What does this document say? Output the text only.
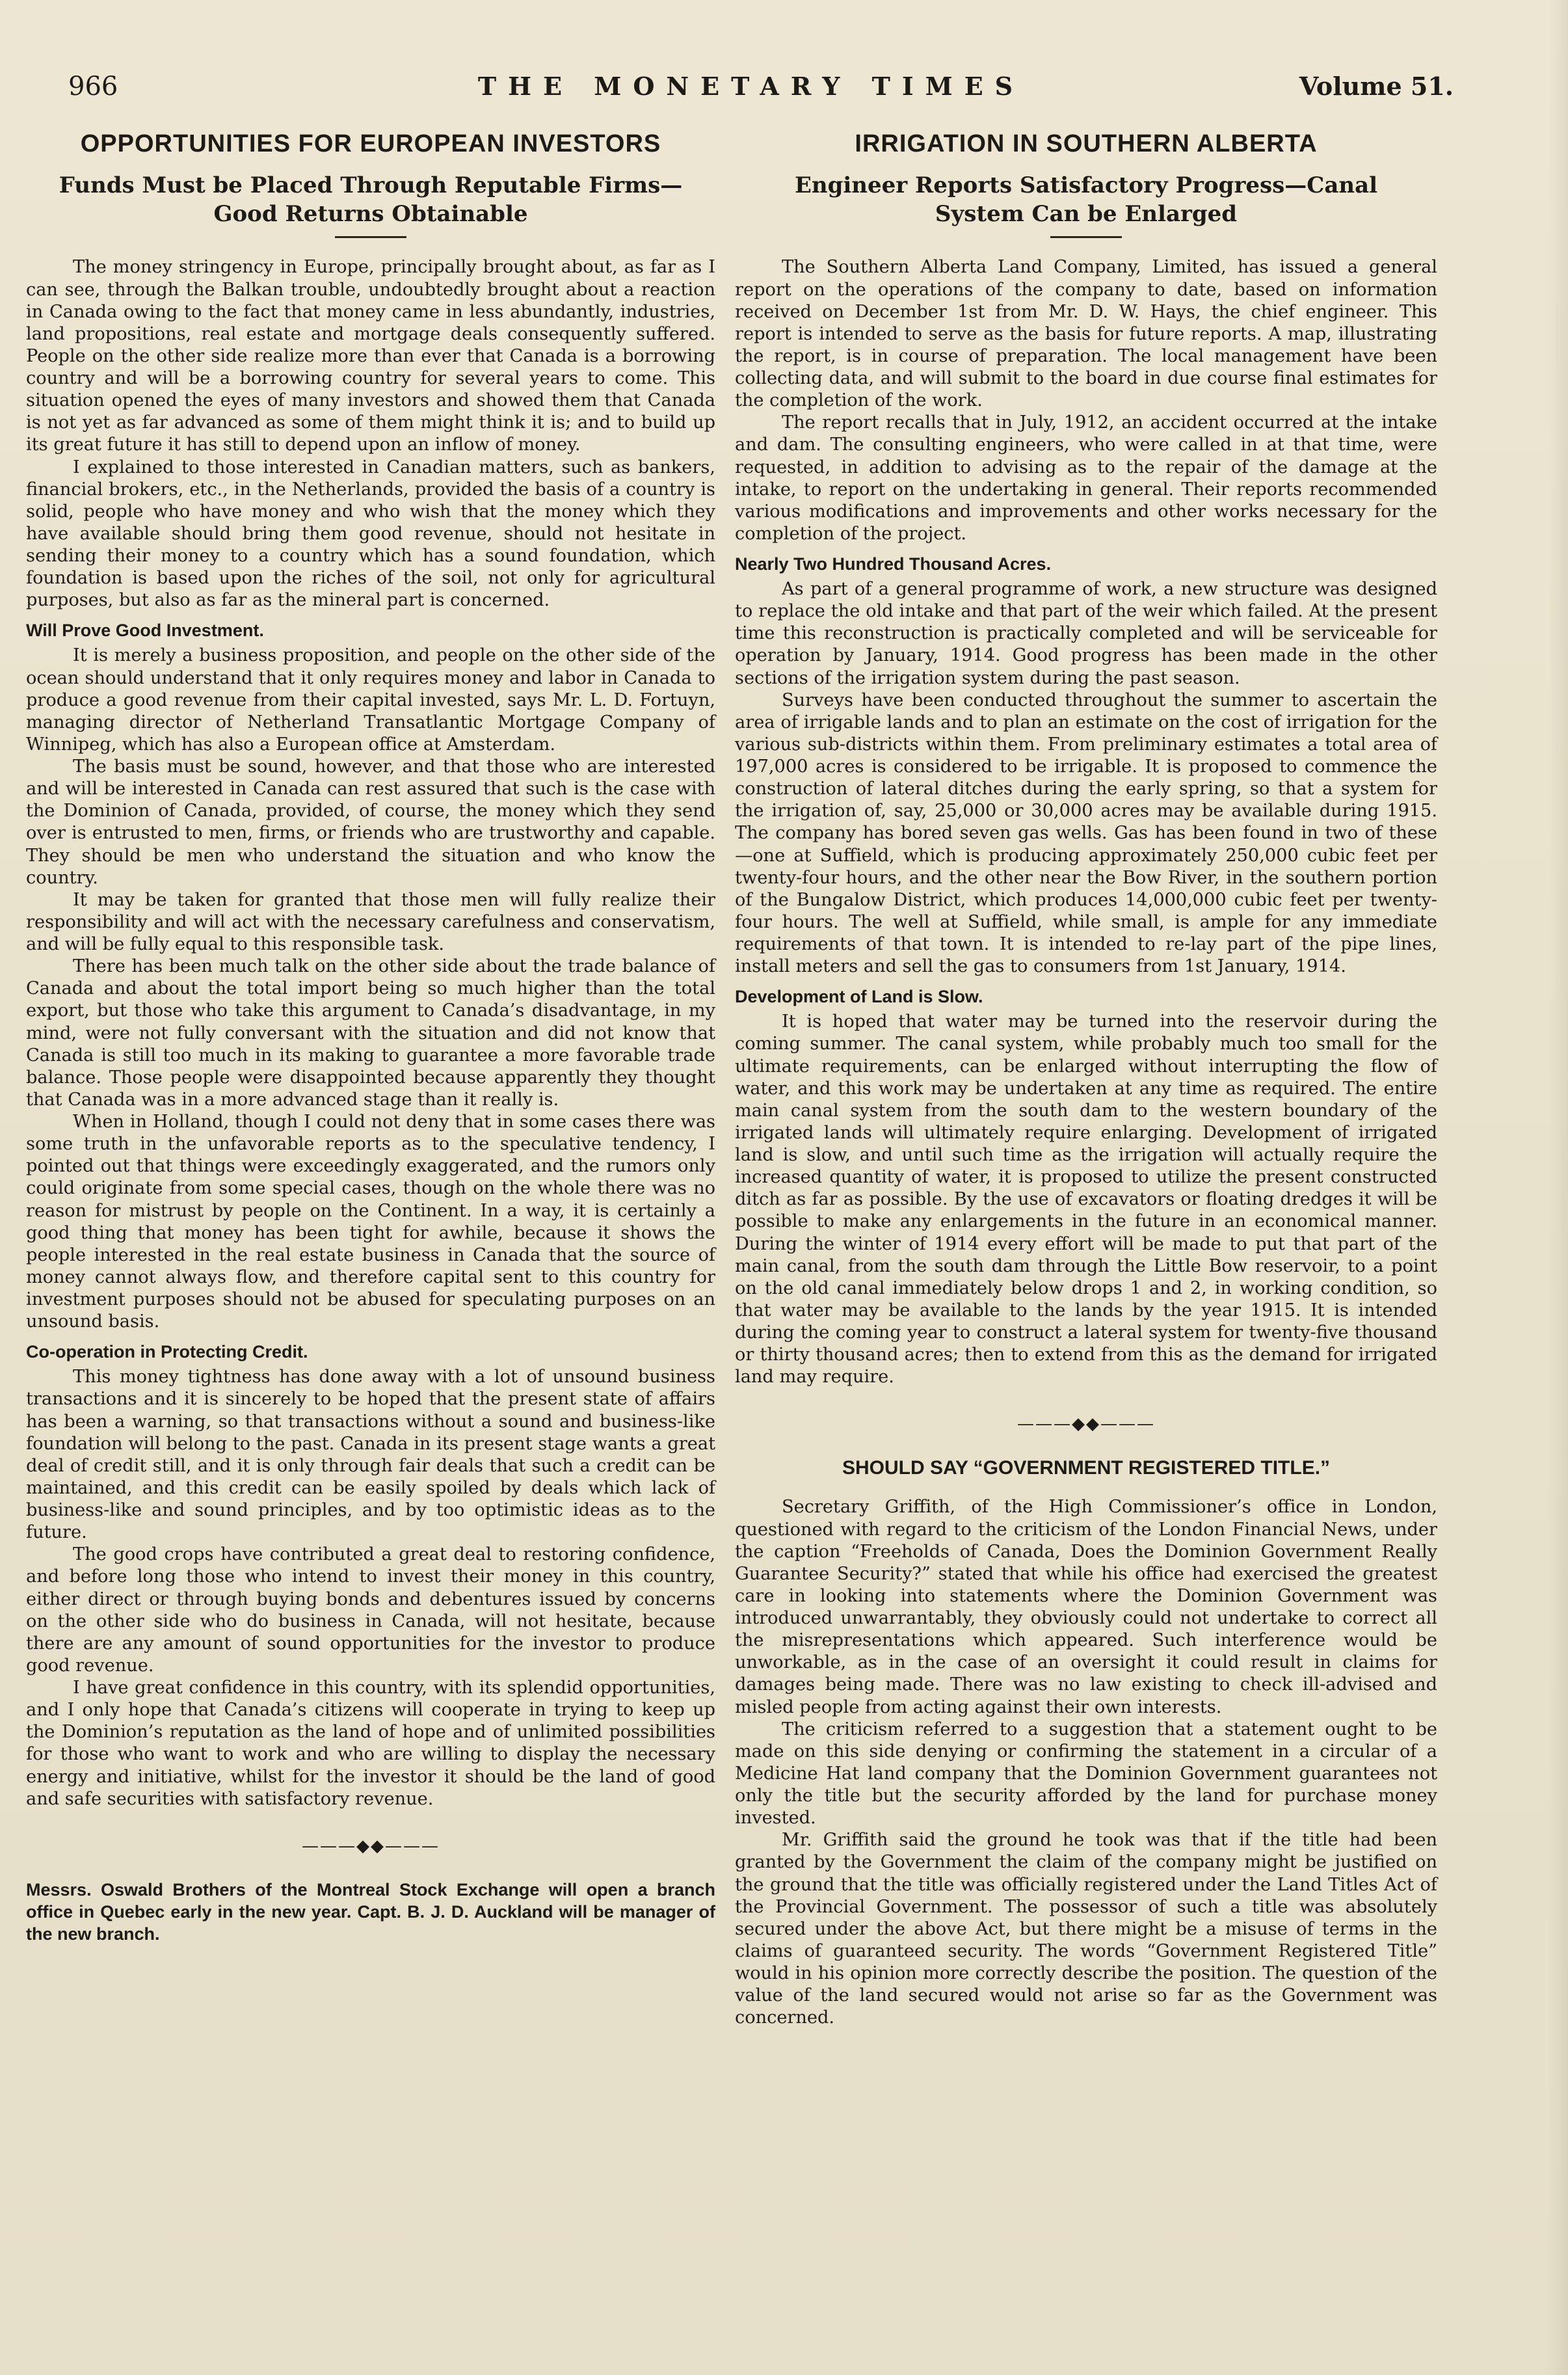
966	THE MONETARY TIMES	Volume 51.
OPPORTUNITIES FOR EUROPEAN INVESTORS
Funds Must be Placed Through Reputable Firms—Good Returns Obtainable

The money stringency in Europe, principally brought about, as far as I can see, through the Balkan trouble, undoubtedly brought about a reaction in Canada owing to the fact that money came in less abundantly, industries, land propositions, real estate and mortgage deals consequently suffered. People on the other side realize more than ever that Canada is a borrowing country and will be a borrowing country for several years to come. This situation opened the eyes of many investors and showed them that Canada is not yet as far advanced as some of them might think it is; and to build up its great future it has still to depend upon an inflow of money.

I explained to those interested in Canadian matters, such as bankers, financial brokers, etc., in the Netherlands, provided the basis of a country is solid, people who have money and who wish that the money which they have available should bring them good revenue, should not hesitate in sending their money to a country which has a sound foundation, which foundation is based upon the riches of the soil, not only for agricultural purposes, but also as far as the mineral part is concerned.

Will Prove Good Investment.

It is merely a business proposition, and people on the other side of the ocean should understand that it only requires money and labor in Canada to produce a good revenue from their capital invested, says Mr. L. D. Fortuyn, managing director of Netherland Transatlantic Mortgage Company of Winnipeg, which has also a European office at Amsterdam.

The basis must be sound, however, and that those who are interested and will be interested in Canada can rest assured that such is the case with the Dominion of Canada, provided, of course, the money which they send over is entrusted to men, firms, or friends who are trustworthy and capable. They should be men who understand the situation and who know the country.

It may be taken for granted that those men will fully realize their responsibility and will act with the necessary carefulness and conservatism, and will be fully equal to this responsible task.

There has been much talk on the other side about the trade balance of Canada and about the total import being so much higher than the total export, but those who take this argument to Canada’s disadvantage, in my mind, were not fully conversant with the situation and did not know that Canada is still too much in its making to guarantee a more favorable trade balance. Those people were disappointed because apparently they thought that Canada was in a more advanced stage than it really is.

When in Holland, though I could not deny that in some cases there was some truth in the unfavorable reports as to the speculative tendency, I pointed out that things were exceedingly exaggerated, and the rumors only could originate from some special cases, though on the whole there was no reason for mistrust by people on the Continent. In a way, it is certainly a good thing that money has been tight for awhile, because it shows the people interested in the real estate business in Canada that the source of money cannot always flow, and therefore capital sent to this country for investment purposes should not be abused for speculating purposes on an unsound basis.

Co-operation in Protecting Credit.

This money tightness has done away with a lot of unsound business transactions and it is sincerely to be hoped that the present state of affairs has been a warning, so that transactions without a sound and business-like foundation will belong to the past. Canada in its present stage wants a great deal of credit still, and it is only through fair deals that such a credit can be maintained, and this credit can be easily spoiled by deals which lack of business-like and sound principles, and by too optimistic ideas as to the future.

The good crops have contributed a great deal to restoring confidence, and before long those who intend to invest their money in this country, either direct or through buying bonds and debentures issued by concerns on the other side who do business in Canada, will not hesitate, because there are any amount of sound opportunities for the investor to produce good revenue.

I have great confidence in this country, with its splendid opportunities, and I only hope that Canada’s citizens will cooperate in trying to keep up the Dominion’s reputation as the land of hope and of unlimited possibilities for those who want to work and who are willing to display the necessary energy and initiative, whilst for the investor it should be the land of good and safe securities with satisfactory revenue.

———◆◆———

Messrs. Oswald Brothers of the Montreal Stock Exchange will open a branch office in Quebec early in the new year. Capt. B. J. D. Auckland will be manager of the new branch.

IRRIGATION IN SOUTHERN ALBERTA
Engineer Reports Satisfactory Progress—Canal System Can be Enlarged

The Southern Alberta Land Company, Limited, has issued a general report on the operations of the company to date, based on information received on December 1st from Mr. D. W. Hays, the chief engineer. This report is intended to serve as the basis for future reports. A map, illustrating the report, is in course of preparation. The local management have been collecting data, and will submit to the board in due course final estimates for the completion of the work.

The report recalls that in July, 1912, an accident occurred at the intake and dam. The consulting engineers, who were called in at that time, were requested, in addition to advising as to the repair of the damage at the intake, to report on the undertaking in general. Their reports recommended various modifications and improvements and other works necessary for the completion of the project.

Nearly Two Hundred Thousand Acres.

As part of a general programme of work, a new structure was designed to replace the old intake and that part of the weir which failed. At the present time this reconstruction is practically completed and will be serviceable for operation by January, 1914. Good progress has been made in the other sections of the irrigation system during the past season.

Surveys have been conducted throughout the summer to ascertain the area of irrigable lands and to plan an estimate on the cost of irrigation for the various sub-districts within them. From preliminary estimates a total area of 197,000 acres is considered to be irrigable. It is proposed to commence the construction of lateral ditches during the early spring, so that a system for the irrigation of, say, 25,000 or 30,000 acres may be available during 1915. The company has bored seven gas wells. Gas has been found in two of these—one at Suffield, which is producing approximately 250,000 cubic feet per twenty-four hours, and the other near the Bow River, in the southern portion of the Bungalow District, which produces 14,000,000 cubic feet per twenty-four hours. The well at Suffield, while small, is ample for any immediate requirements of that town. It is intended to re-lay part of the pipe lines, install meters and sell the gas to consumers from 1st January, 1914.

Development of Land is Slow.

It is hoped that water may be turned into the reservoir during the coming summer. The canal system, while probably much too small for the ultimate requirements, can be enlarged without interrupting the flow of water, and this work may be undertaken at any time as required. The entire main canal system from the south dam to the western boundary of the irrigated lands will ultimately require enlarging. Development of irrigated land is slow, and until such time as the irrigation will actually require the increased quantity of water, it is proposed to utilize the present constructed ditch as far as possible. By the use of excavators or floating dredges it will be possible to make any enlargements in the future in an economical manner. During the winter of 1914 every effort will be made to put that part of the main canal, from the south dam through the Little Bow reservoir, to a point on the old canal immediately below drops 1 and 2, in working condition, so that water may be available to the lands by the year 1915. It is intended during the coming year to construct a lateral system for twenty-five thousand or thirty thousand acres; then to extend from this as the demand for irrigated land may require.

———◆◆———
SHOULD SAY “GOVERNMENT REGISTERED TITLE.”

Secretary Griffith, of the High Commissioner’s office in London, questioned with regard to the criticism of the London Financial News, under the caption “Freeholds of Canada, Does the Dominion Government Really Guarantee Security?” stated that while his office had exercised the greatest care in looking into statements where the Dominion Government was introduced unwarrantably, they obviously could not undertake to correct all the misrepresentations which appeared. Such interference would be unworkable, as in the case of an oversight it could result in claims for damages being made. There was no law existing to check ill-advised and misled people from acting against their own interests.

The criticism referred to a suggestion that a statement ought to be made on this side denying or confirming the statement in a circular of a Medicine Hat land company that the Dominion Government guarantees not only the title but the security afforded by the land for purchase money invested.

Mr. Griffith said the ground he took was that if the title had been granted by the Government the claim of the company might be justified on the ground that the title was officially registered under the Land Titles Act of the Provincial Government. The possessor of such a title was absolutely secured under the above Act, but there might be a misuse of terms in the claims of guaranteed security. The words “Government Registered Title” would in his opinion more correctly describe the position. The question of the value of the land secured would not arise so far as the Government was concerned.
